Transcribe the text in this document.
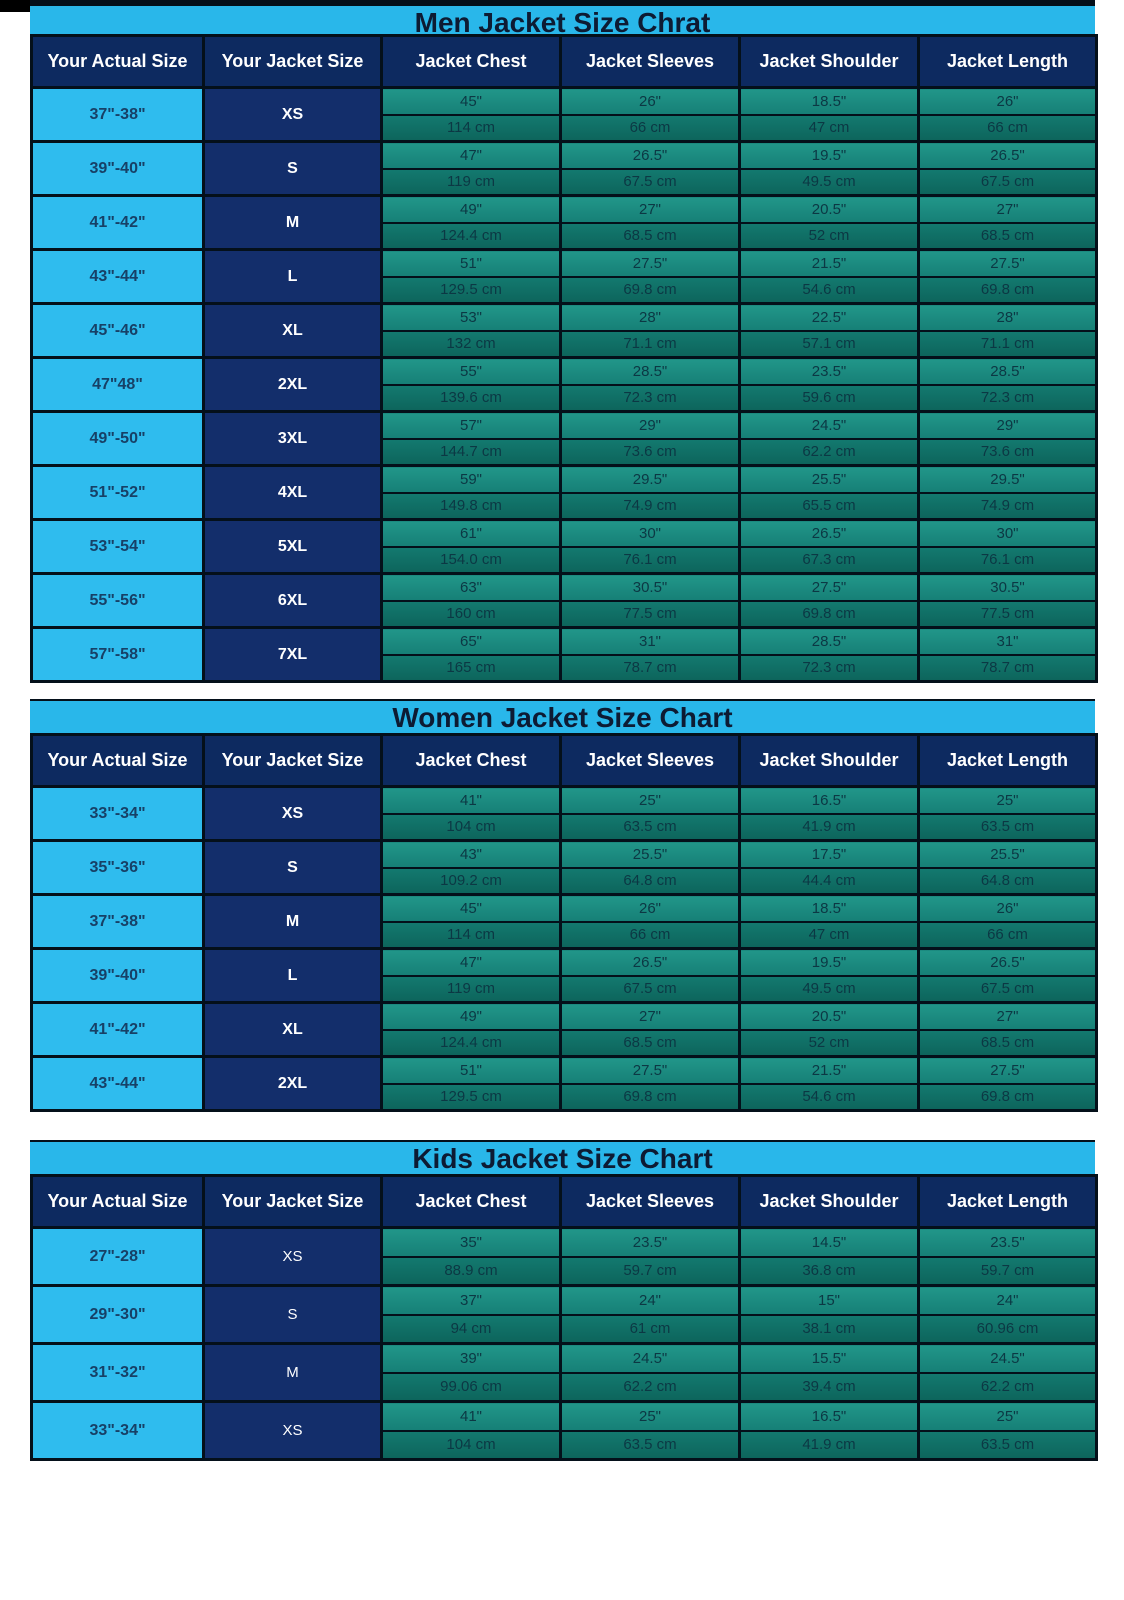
Men Jacket Size Chrat
Your Actual Size	Your Jacket Size	Jacket Chest	Jacket Sleeves	Jacket Shoulder	Jacket Length
37"-38"	XS	45"	26"	18.5"	26"
		114 cm	66 cm	47 cm	66 cm
39"-40"	S	47"	26.5"	19.5"	26.5"
		119 cm	67.5 cm	49.5 cm	67.5 cm
41"-42"	M	49"	27"	20.5"	27"
		124.4 cm	68.5 cm	52 cm	68.5 cm
43"-44"	L	51"	27.5"	21.5"	27.5"
		129.5 cm	69.8 cm	54.6 cm	69.8 cm
45"-46"	XL	53"	28"	22.5"	28"
		132 cm	71.1 cm	57.1 cm	71.1 cm
47"48"	2XL	55"	28.5"	23.5"	28.5"
		139.6 cm	72.3 cm	59.6 cm	72.3 cm
49"-50"	3XL	57"	29"	24.5"	29"
		144.7 cm	73.6 cm	62.2 cm	73.6 cm
51"-52"	4XL	59"	29.5"	25.5"	29.5"
		149.8 cm	74.9 cm	65.5 cm	74.9 cm
53"-54"	5XL	61"	30"	26.5"	30"
		154.0 cm	76.1 cm	67.3 cm	76.1 cm
55"-56"	6XL	63"	30.5"	27.5"	30.5"
		160 cm	77.5 cm	69.8 cm	77.5 cm
57"-58"	7XL	65"	31"	28.5"	31"
		165 cm	78.7 cm	72.3 cm	78.7 cm
Women Jacket Size Chart
Your Actual Size	Your Jacket Size	Jacket Chest	Jacket Sleeves	Jacket Shoulder	Jacket Length
33"-34"	XS	41"	25"	16.5"	25"
		104 cm	63.5 cm	41.9 cm	63.5 cm
35"-36"	S	43"	25.5"	17.5"	25.5"
		109.2 cm	64.8 cm	44.4 cm	64.8 cm
37"-38"	M	45"	26"	18.5"	26"
		114 cm	66 cm	47 cm	66 cm
39"-40"	L	47"	26.5"	19.5"	26.5"
		119 cm	67.5 cm	49.5 cm	67.5 cm
41"-42"	XL	49"	27"	20.5"	27"
		124.4 cm	68.5 cm	52 cm	68.5 cm
43"-44"	2XL	51"	27.5"	21.5"	27.5"
		129.5 cm	69.8 cm	54.6 cm	69.8 cm
Kids Jacket Size Chart
Your Actual Size	Your Jacket Size	Jacket Chest	Jacket Sleeves	Jacket Shoulder	Jacket Length
27"-28"	XS	35"	23.5"	14.5"	23.5"
		88.9 cm	59.7 cm	36.8 cm	59.7 cm
29"-30"	S	37"	24"	15"	24"
		94 cm	61 cm	38.1 cm	60.96 cm
31"-32"	M	39"	24.5"	15.5"	24.5"
		99.06 cm	62.2 cm	39.4 cm	62.2 cm
33"-34"	XS	41"	25"	16.5"	25"
		104 cm	63.5 cm	41.9 cm	63.5 cm
